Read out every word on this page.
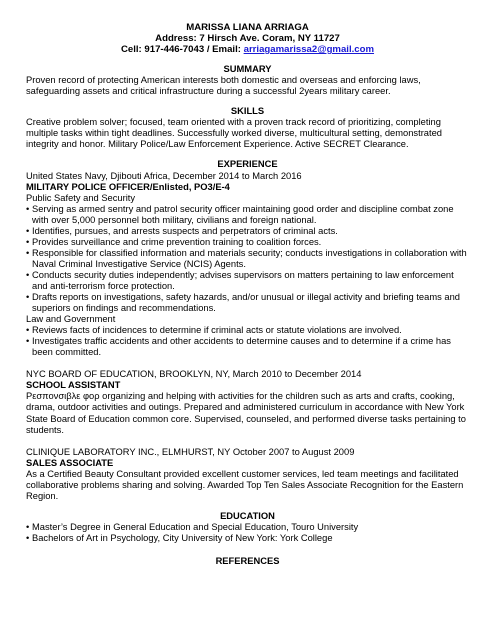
MARISSA LIANA ARRIAGA
Address: 7 Hirsch Ave. Coram, NY 11727
Cell: 917-446-7043 / Email: arriagamarissa2@gmail.com
SUMMARY

Proven record of protecting American interests both domestic and overseas and enforcing laws, safeguarding assets and critical infrastructure during a successful 2years military career.

SKILLS

Creative problem solver; focused, team oriented with a proven track record of prioritizing, completing multiple tasks within tight deadlines. Successfully worked diverse, multicultural setting, demonstrated integrity and honor. Military Police/Law Enforcement Experience. Active SECRET Clearance.

EXPERIENCE
United States Navy, Djibouti Africa, December 2014 to March 2016
MILITARY POLICE OFFICER/Enlisted, PO3/E-4
Public Safety and Security
• Serving as armed sentry and patrol security officer maintaining good order and discipline combat zone with over 5,000 personnel both military, civilians and foreign national.
• Identifies, pursues, and arrests suspects and perpetrators of criminal acts.
• Provides surveillance and crime prevention training to coalition forces.
• Responsible for classified information and materials security; conducts investigations in collaboration with Naval Criminal Investigative Service (NCIS) Agents.
• Conducts security duties independently; advises supervisors on matters pertaining to law enforcement and anti-terrorism force protection.
• Drafts reports on investigations, safety hazards, and/or unusual or illegal activity and briefing teams and superiors on findings and recommendations.
Law and Government
• Reviews facts of incidences to determine if criminal acts or statute violations are involved.
• Investigates traffic accidents and other accidents to determine causes and to determine if a crime has been committed.
NYC BOARD OF EDUCATION, BROOKLYN, NY, March 2010 to December 2014
SCHOOL ASSISTANT

Ρεσπονσιβλε φορ organizing and helping with activities for the children such as arts and crafts, cooking, drama, outdoor activities and outings. Prepared and administered curriculum in accordance with New York State Board of Education common core. Supervised, counseled, and performed diverse tasks pertaining to students.

CLINIQUE LABORATORY INC., ELMHURST, NY October 2007 to August 2009
SALES ASSOCIATE

As a Certified Beauty Consultant provided excellent customer services, led team meetings and facilitated collaborative problems sharing and solving. Awarded Top Ten Sales Associate Recognition for the Eastern Region.

EDUCATION
• Master’s Degree in General Education and Special Education, Touro University
• Bachelors of Art in Psychology, City University of New York: York College
REFERENCES
